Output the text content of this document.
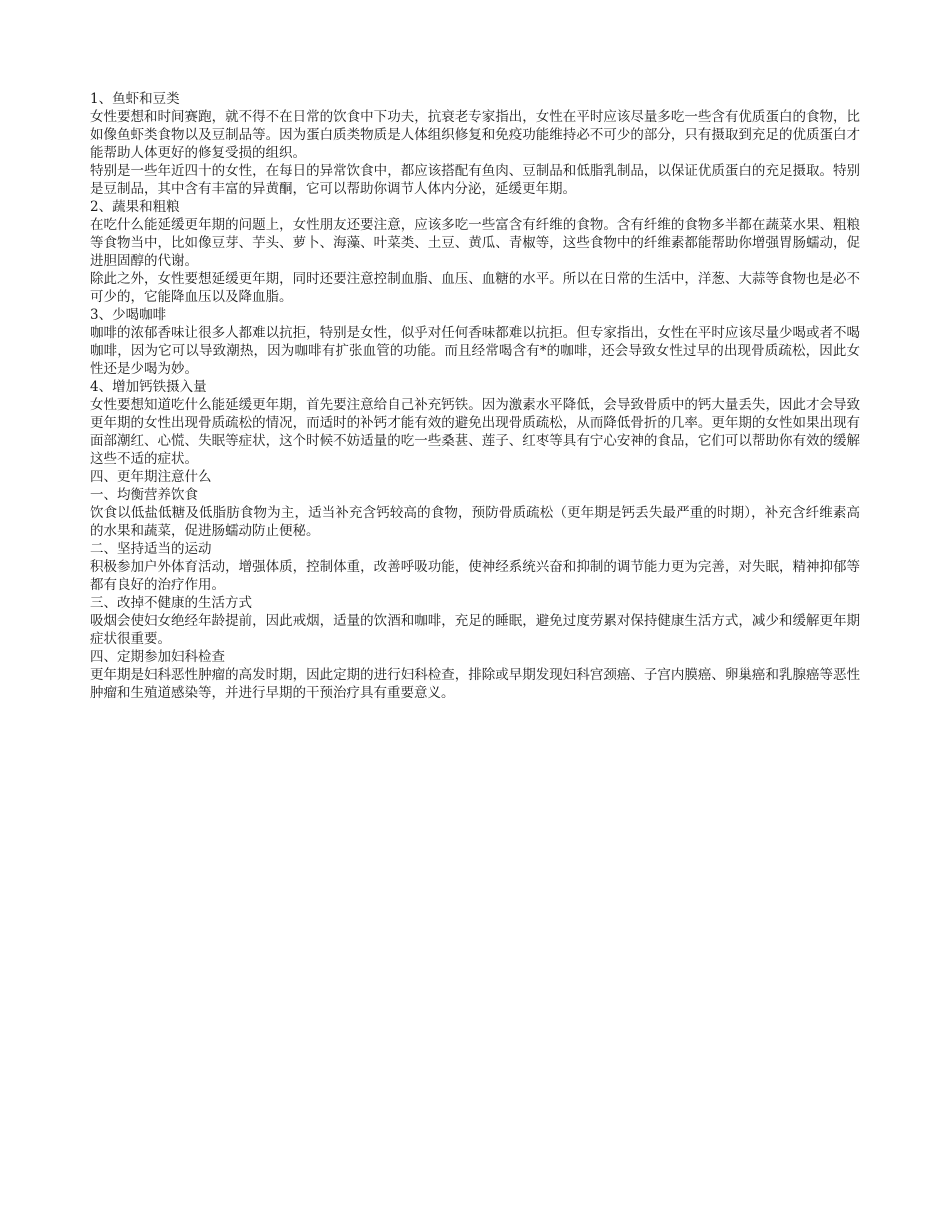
1、鱼虾和豆类

女性要想和时间赛跑，就不得不在日常的饮食中下功夫，抗衰老专家指出，女性在平时应该尽量多吃一些含有优质蛋白的食物，比如像鱼虾类食物以及豆制品等。因为蛋白质类物质是人体组织修复和免疫功能维持必不可少的部分，只有摄取到充足的优质蛋白才能帮助人体更好的修复受损的组织。

特别是一些年近四十的女性，在每日的异常饮食中，都应该搭配有鱼肉、豆制品和低脂乳制品，以保证优质蛋白的充足摄取。特别是豆制品，其中含有丰富的异黄酮，它可以帮助你调节人体内分泌，延缓更年期。

2、蔬果和粗粮

在吃什么能延缓更年期的问题上，女性朋友还要注意，应该多吃一些富含有纤维的食物。含有纤维的食物多半都在蔬菜水果、粗粮等食物当中，比如像豆芽、芋头、萝卜、海藻、叶菜类、土豆、黄瓜、青椒等，这些食物中的纤维素都能帮助你增强胃肠蠕动，促进胆固醇的代谢。

除此之外，女性要想延缓更年期，同时还要注意控制血脂、血压、血糖的水平。所以在日常的生活中，洋葱、大蒜等食物也是必不可少的，它能降血压以及降血脂。

3、少喝咖啡

咖啡的浓郁香味让很多人都难以抗拒，特别是女性，似乎对任何香味都难以抗拒。但专家指出，女性在平时应该尽量少喝或者不喝咖啡，因为它可以导致潮热，因为咖啡有扩张血管的功能。而且经常喝含有*的咖啡，还会导致女性过早的出现骨质疏松，因此女性还是少喝为妙。

4、增加钙铁摄入量

女性要想知道吃什么能延缓更年期，首先要注意给自己补充钙铁。因为激素水平降低，会导致骨质中的钙大量丢失，因此才会导致更年期的女性出现骨质疏松的情况，而适时的补钙才能有效的避免出现骨质疏松，从而降低骨折的几率。更年期的女性如果出现有面部潮红、心慌、失眠等症状，这个时候不妨适量的吃一些桑葚、莲子、红枣等具有宁心安神的食品，它们可以帮助你有效的缓解这些不适的症状。

四、更年期注意什么

一、均衡营养饮食

饮食以低盐低糖及低脂肪食物为主，适当补充含钙较高的食物，预防骨质疏松（更年期是钙丢失最严重的时期），补充含纤维素高的水果和蔬菜，促进肠蠕动防止便秘。

二、坚持适当的运动

积极参加户外体育活动，增强体质，控制体重，改善呼吸功能，使神经系统兴奋和抑制的调节能力更为完善，对失眠，精神抑郁等都有良好的治疗作用。

三、改掉不健康的生活方式

吸烟会使妇女绝经年龄提前，因此戒烟，适量的饮酒和咖啡，充足的睡眠，避免过度劳累对保持健康生活方式，减少和缓解更年期症状很重要。

四、定期参加妇科检查

更年期是妇科恶性肿瘤的高发时期，因此定期的进行妇科检查，排除或早期发现妇科宫颈癌、子宫内膜癌、卵巢癌和乳腺癌等恶性肿瘤和生殖道感染等，并进行早期的干预治疗具有重要意义。
